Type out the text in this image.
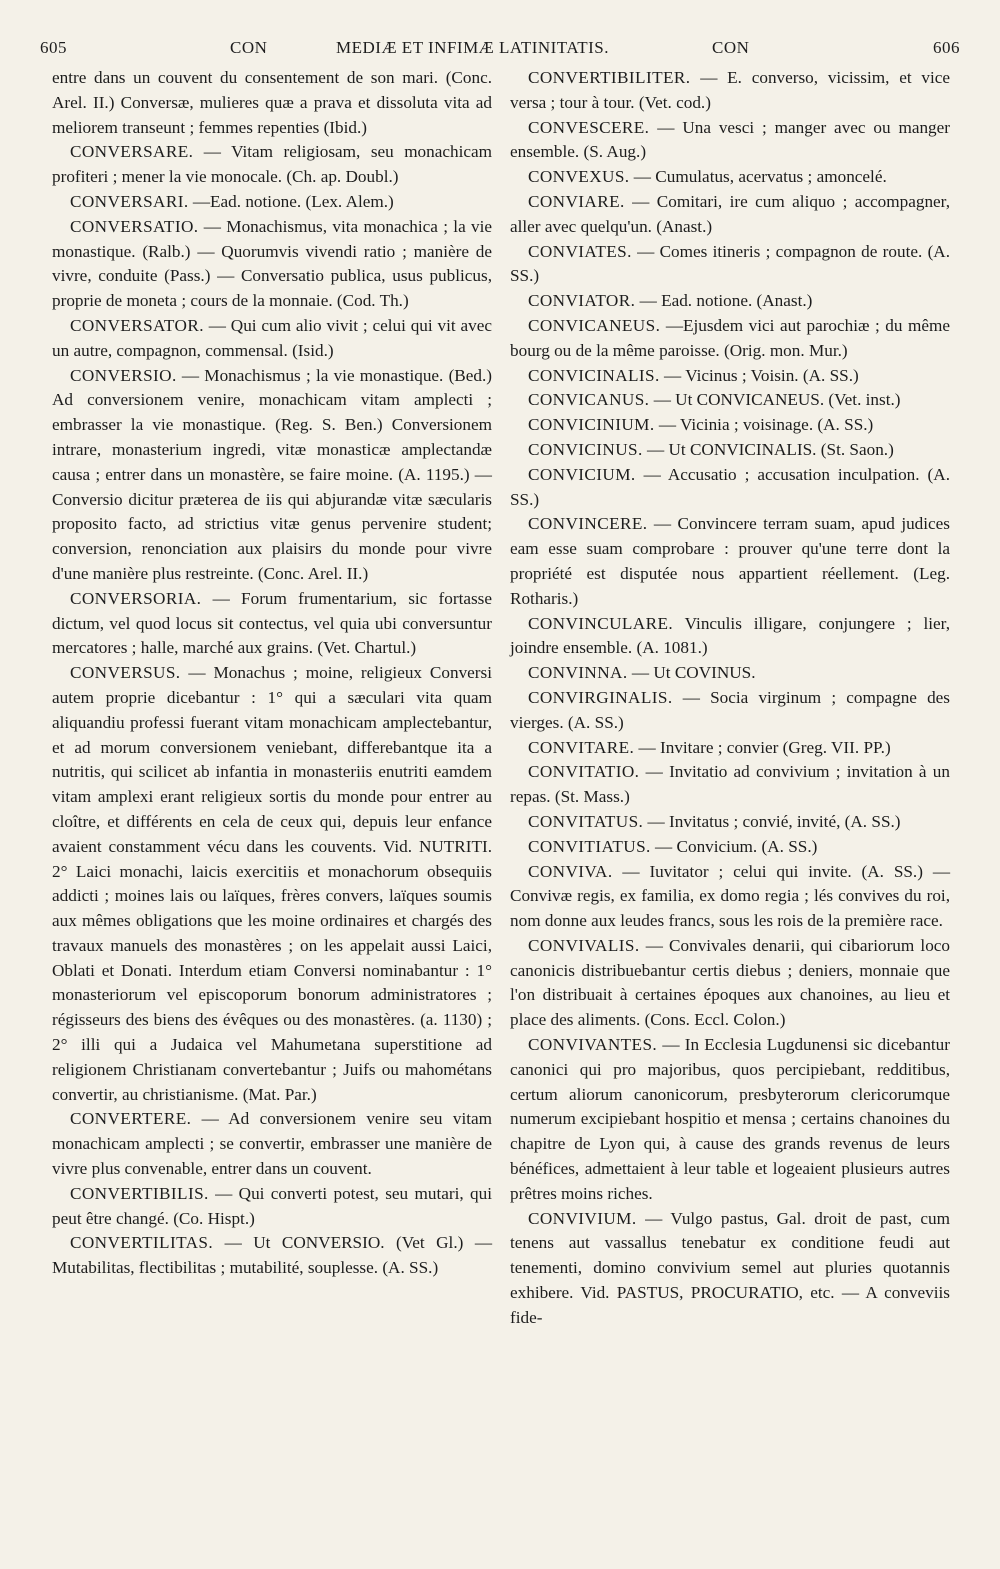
605	CON	MEDIÆ ET INFIMÆ LATINITATIS.	CON	606

entre dans un couvent du consentement de son mari. (Conc. Arel. II.) Conversæ, mulieres quæ a prava et dissoluta vita ad meliorem transeunt ; femmes repenties (Ibid.)

CONVERSARE. — Vitam religiosam, seu monachicam profiteri ; mener la vie monocale. (Ch. ap. Doubl.)

CONVERSARI. —Ead. notione. (Lex. Alem.)

CONVERSATIO. — Monachismus, vita monachica ; la vie monastique. (Ralb.) — Quorumvis vivendi ratio ; manière de vivre, conduite (Pass.) — Conversatio publica, usus publicus, proprie de moneta ; cours de la monnaie. (Cod. Th.)

CONVERSATOR. — Qui cum alio vivit ; celui qui vit avec un autre, compagnon, commensal. (Isid.)

CONVERSIO. — Monachismus ; la vie monastique. (Bed.) Ad conversionem venire, monachicam vitam amplecti ; embrasser la vie monastique. (Reg. S. Ben.) Conversionem intrare, monasterium ingredi, vitæ monasticæ amplectandæ causa ; entrer dans un monastère, se faire moine. (A. 1195.) — Conversio dicitur præterea de iis qui abjurandæ vitæ sæcularis proposito facto, ad strictius vitæ genus pervenire student; conversion, renonciation aux plaisirs du monde pour vivre d'une manière plus restreinte. (Conc. Arel. II.)

CONVERSORIA. — Forum frumentarium, sic fortasse dictum, vel quod locus sit contectus, vel quia ubi conversuntur mercatores ; halle, marché aux grains. (Vet. Chartul.)

CONVERSUS. — Monachus ; moine, religieux Conversi autem proprie dicebantur : 1° qui a sæculari vita quam aliquandiu professi fuerant vitam monachicam amplectebantur, et ad morum conversionem veniebant, differebantque ita a nutritis, qui scilicet ab infantia in monasteriis enutriti eamdem vitam amplexi erant religieux sortis du monde pour entrer au cloître, et différents en cela de ceux qui, depuis leur enfance avaient constamment vécu dans les couvents. Vid. NUTRITI. 2° Laici monachi, laicis exercitiis et monachorum obsequiis addicti ; moines lais ou laïques, frères convers, laïques soumis aux mêmes obligations que les moine ordinaires et chargés des travaux manuels des monastères ; on les appelait aussi Laici, Oblati et Donati. Interdum etiam Conversi nominabantur : 1° monasteriorum vel episcoporum bonorum administratores ; régisseurs des biens des évêques ou des monastères. (a. 1130) ; 2° illi qui a Judaica vel Mahumetana superstitione ad religionem Christianam convertebantur ; Juifs ou mahométans convertir, au christianisme. (Mat. Par.)

CONVERTERE. — Ad conversionem venire seu vitam monachicam amplecti ; se convertir, embrasser une manière de vivre plus convenable, entrer dans un couvent.

CONVERTIBILIS. — Qui converti potest, seu mutari, qui peut être changé. (Co. Hispt.)

CONVERTILITAS. — Ut CONVERSIO. (Vet Gl.) — Mutabilitas, flectibilitas ; mutabilité, souplesse. (A. SS.)

CONVERTIBILITER. — E. converso, vicissim, et vice versa ; tour à tour. (Vet. cod.)

CONVESCERE. — Una vesci ; manger avec ou manger ensemble. (S. Aug.)

CONVEXUS. — Cumulatus, acervatus ; amoncelé.

CONVIARE. — Comitari, ire cum aliquo ; accompagner, aller avec quelqu'un. (Anast.)

CONVIATES. — Comes itineris ; compagnon de route. (A. SS.)

CONVIATOR. — Ead. notione. (Anast.)

CONVICANEUS. —Ejusdem vici aut parochiæ ; du même bourg ou de la même paroisse. (Orig. mon. Mur.)

CONVICINALIS. — Vicinus ; Voisin. (A. SS.)

CONVICANUS. — Ut CONVICANEUS. (Vet. inst.)

CONVICINIUM. — Vicinia ; voisinage. (A. SS.)

CONVICINUS. — Ut CONVICINALIS. (St. Saon.)

CONVICIUM. — Accusatio ; accusation inculpation. (A. SS.)

CONVINCERE. — Convincere terram suam, apud judices eam esse suam comprobare : prouver qu'une terre dont la propriété est disputée nous appartient réellement. (Leg. Rotharis.)

CONVINCULARE. Vinculis illigare, conjungere ; lier, joindre ensemble. (A. 1081.)

CONVINNA. — Ut COVINUS.

CONVIRGINALIS. — Socia virginum ; compagne des vierges. (A. SS.)

CONVITARE. — Invitare ; convier (Greg. VII. PP.)

CONVITATIO. — Invitatio ad convivium ; invitation à un repas. (St. Mass.)

CONVITATUS. — Invitatus ; convié, invité, (A. SS.)

CONVITIATUS. — Convicium. (A. SS.)

CONVIVA. — Iuvitator ; celui qui invite. (A. SS.) — Convivæ regis, ex familia, ex domo regia ; lés convives du roi, nom donne aux leudes francs, sous les rois de la première race.

CONVIVALIS. — Convivales denarii, qui cibariorum loco canonicis distribuebantur certis diebus ; deniers, monnaie que l'on distribuait à certaines époques aux chanoines, au lieu et place des aliments. (Cons. Eccl. Colon.)

CONVIVANTES. — In Ecclesia Lugdunensi sic dicebantur canonici qui pro majoribus, quos percipiebant, redditibus, certum aliorum canonicorum, presbyterorum clericorumque numerum excipiebant hospitio et mensa ; certains chanoines du chapitre de Lyon qui, à cause des grands revenus de leurs bénéfices, admettaient à leur table et logeaient plusieurs autres prêtres moins riches.

CONVIVIUM. — Vulgo pastus, Gal. droit de past, cum tenens aut vassallus tenebatur ex conditione feudi aut tenementi, domino convivium semel aut pluries quotannis exhibere. Vid. PASTUS, PROCURATIO, etc. — A conveviis fide-
